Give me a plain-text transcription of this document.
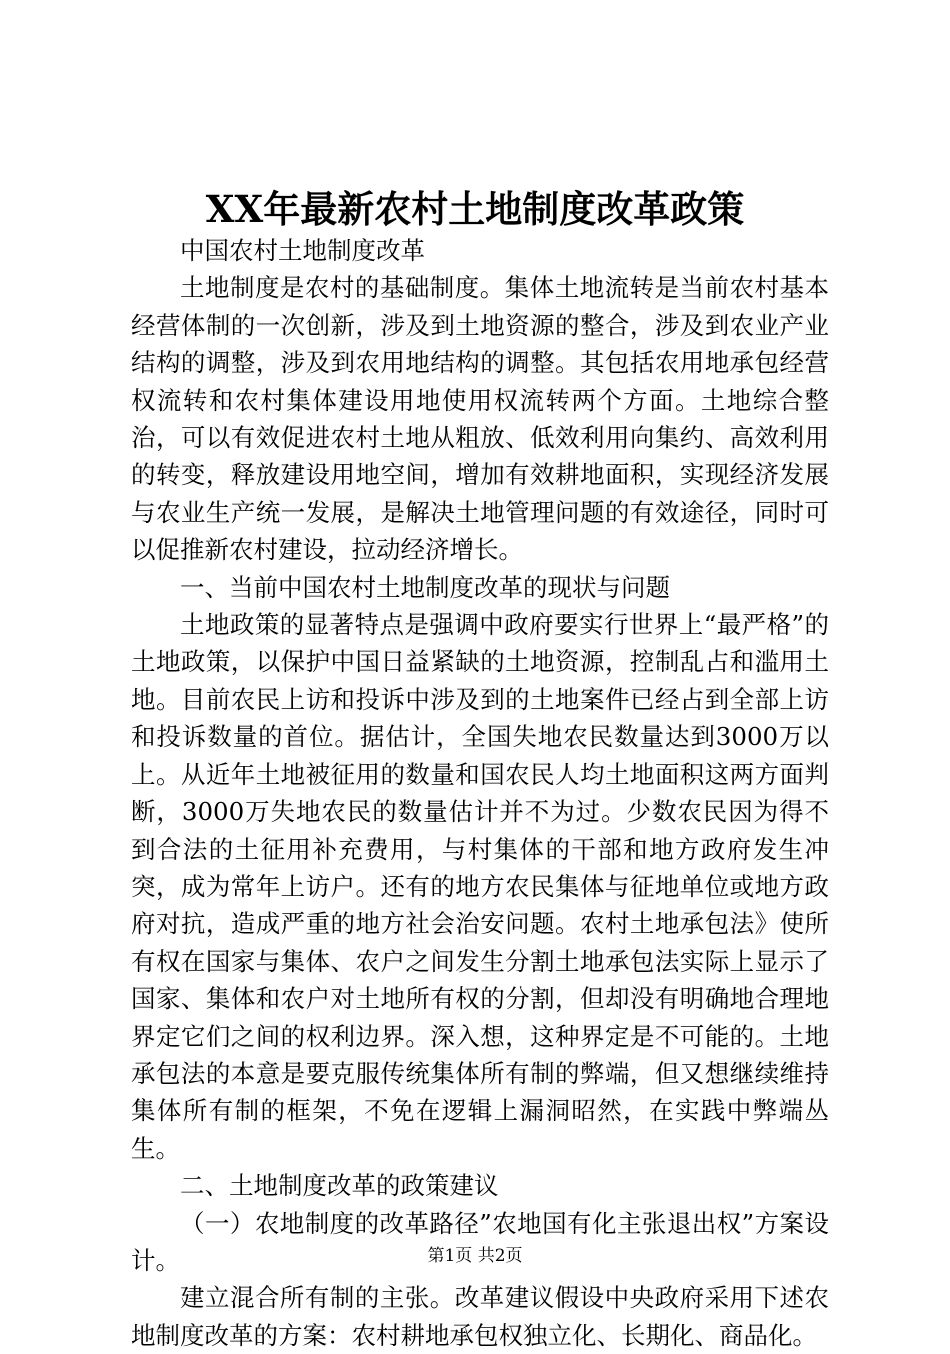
XX年最新农村土地制度改革政策

中国农村土地制度改革

土地制度是农村的基础制度。集体土地流转是当前农村基本经营体制的一次创新，涉及到土地资源的整合，涉及到农业产业结构的调整，涉及到农用地结构的调整。其包括农用地承包经营权流转和农村集体建设用地使用权流转两个方面。土地综合整治，可以有效促进农村土地从粗放、低效利用向集约、高效利用的转变，释放建设用地空间，增加有效耕地面积，实现经济发展与农业生产统一发展，是解决土地管理问题的有效途径，同时可以促推新农村建设，拉动经济增长。

一、当前中国农村土地制度改革的现状与问题

土地政策的显著特点是强调中政府要实行世界上“最严格”的土地政策，以保护中国日益紧缺的土地资源，控制乱占和滥用土地。目前农民上访和投诉中涉及到的土地案件已经占到全部上访和投诉数量的首位。据估计，全国失地农民数量达到3000万以上。从近年土地被征用的数量和国农民人均土地面积这两方面判断，3000万失地农民的数量估计并不为过。少数农民因为得不到合法的土征用补充费用，与村集体的干部和地方政府发生冲突，成为常年上访户。还有的地方农民集体与征地单位或地方政府对抗，造成严重的地方社会治安问题。农村土地承包法》使所有权在国家与集体、农户之间发生分割土地承包法实际上显示了国家、集体和农户对土地所有权的分割，但却没有明确地合理地界定它们之间的权利边界。深入想，这种界定是不可能的。土地承包法的本意是要克服传统集体所有制的弊端，但又想继续维持集体所有制的框架，不免在逻辑上漏洞昭然，在实践中弊端丛生。

二、土地制度改革的政策建议

（一）农地制度的改革路径”农地国有化主张退出权”方案设计。

建立混合所有制的主张。改革建议假设中央政府采用下述农地制度改革的方案：农村耕地承包权独立化、长期化、商品化。

第1页 共2页
